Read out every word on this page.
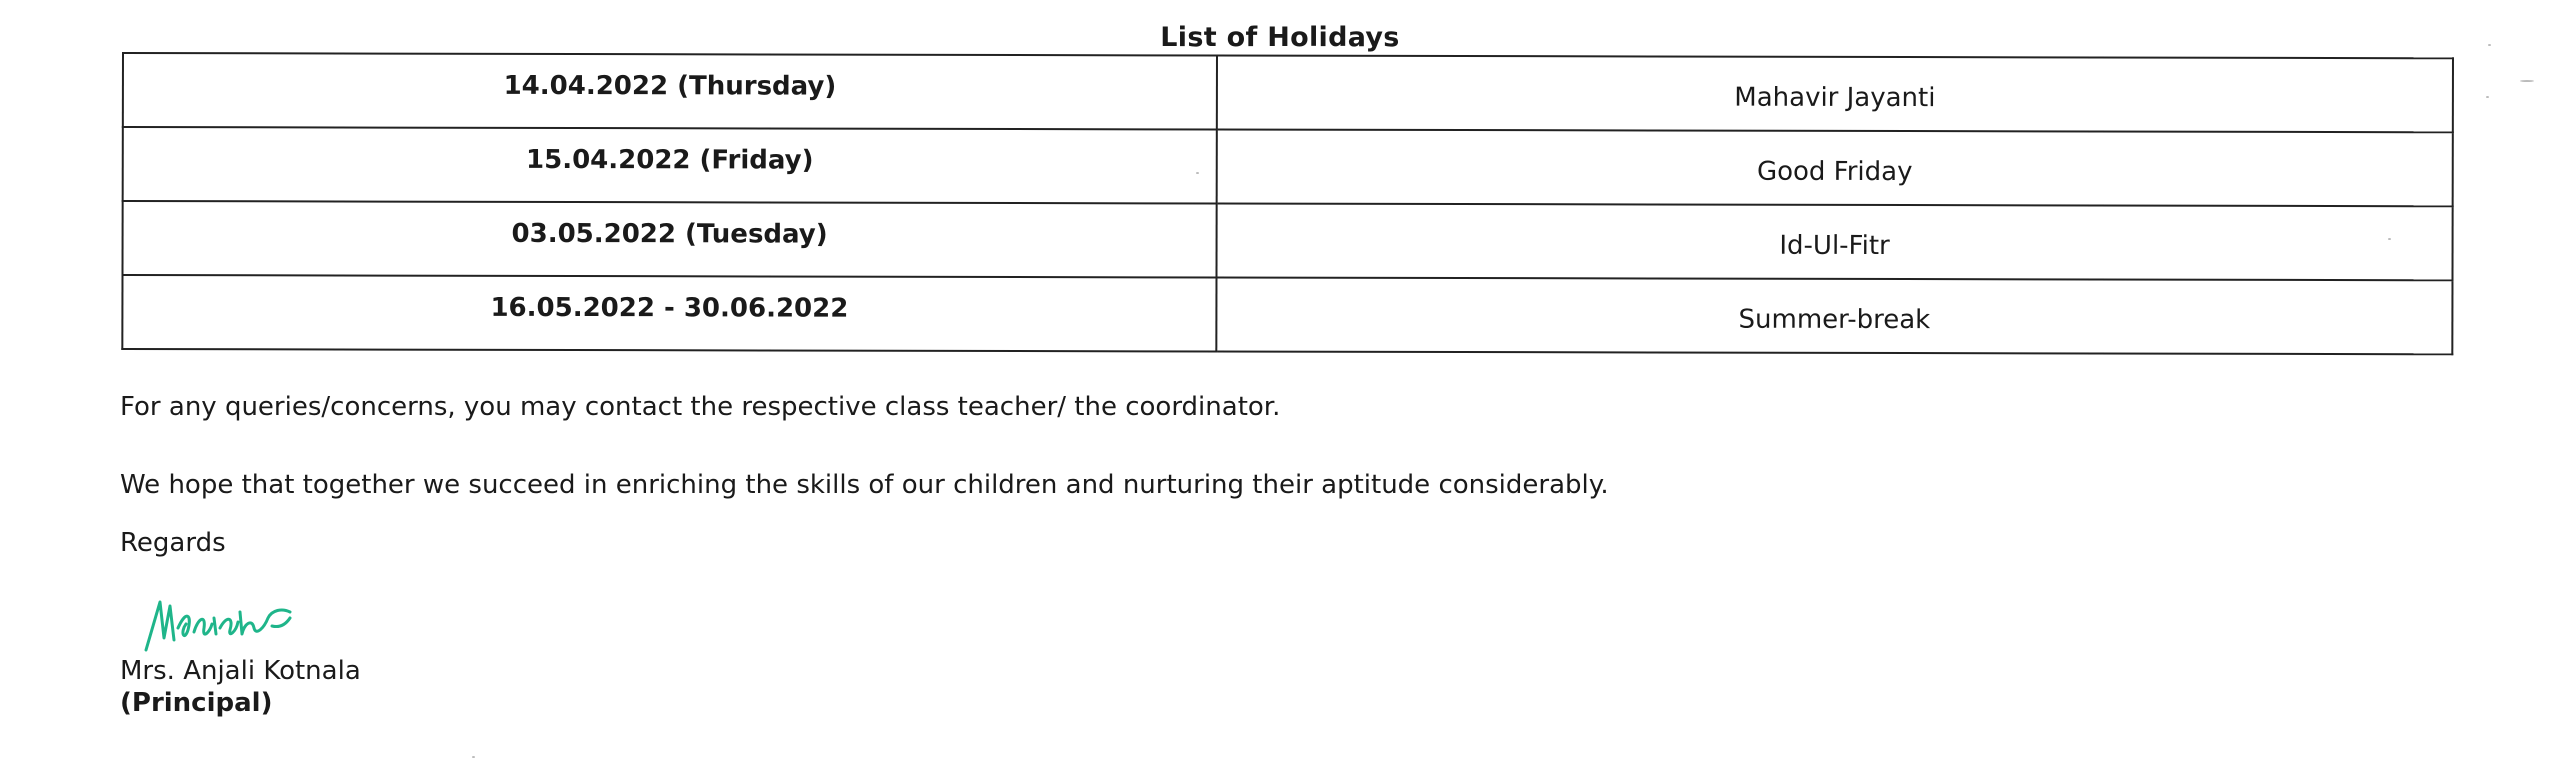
List of Holidays
14.04.2022 (Thursday)	Mahavir Jayanti
15.04.2022 (Friday)	Good Friday
03.05.2022 (Tuesday)	Id-Ul-Fitr
16.05.2022 - 30.06.2022	Summer-break
For any queries/concerns, you may contact the respective class teacher/ the coordinator.
We hope that together we succeed in enriching the skills of our children and nurturing their aptitude considerably.
Regards
Mrs. Anjali Kotnala
(Principal)
